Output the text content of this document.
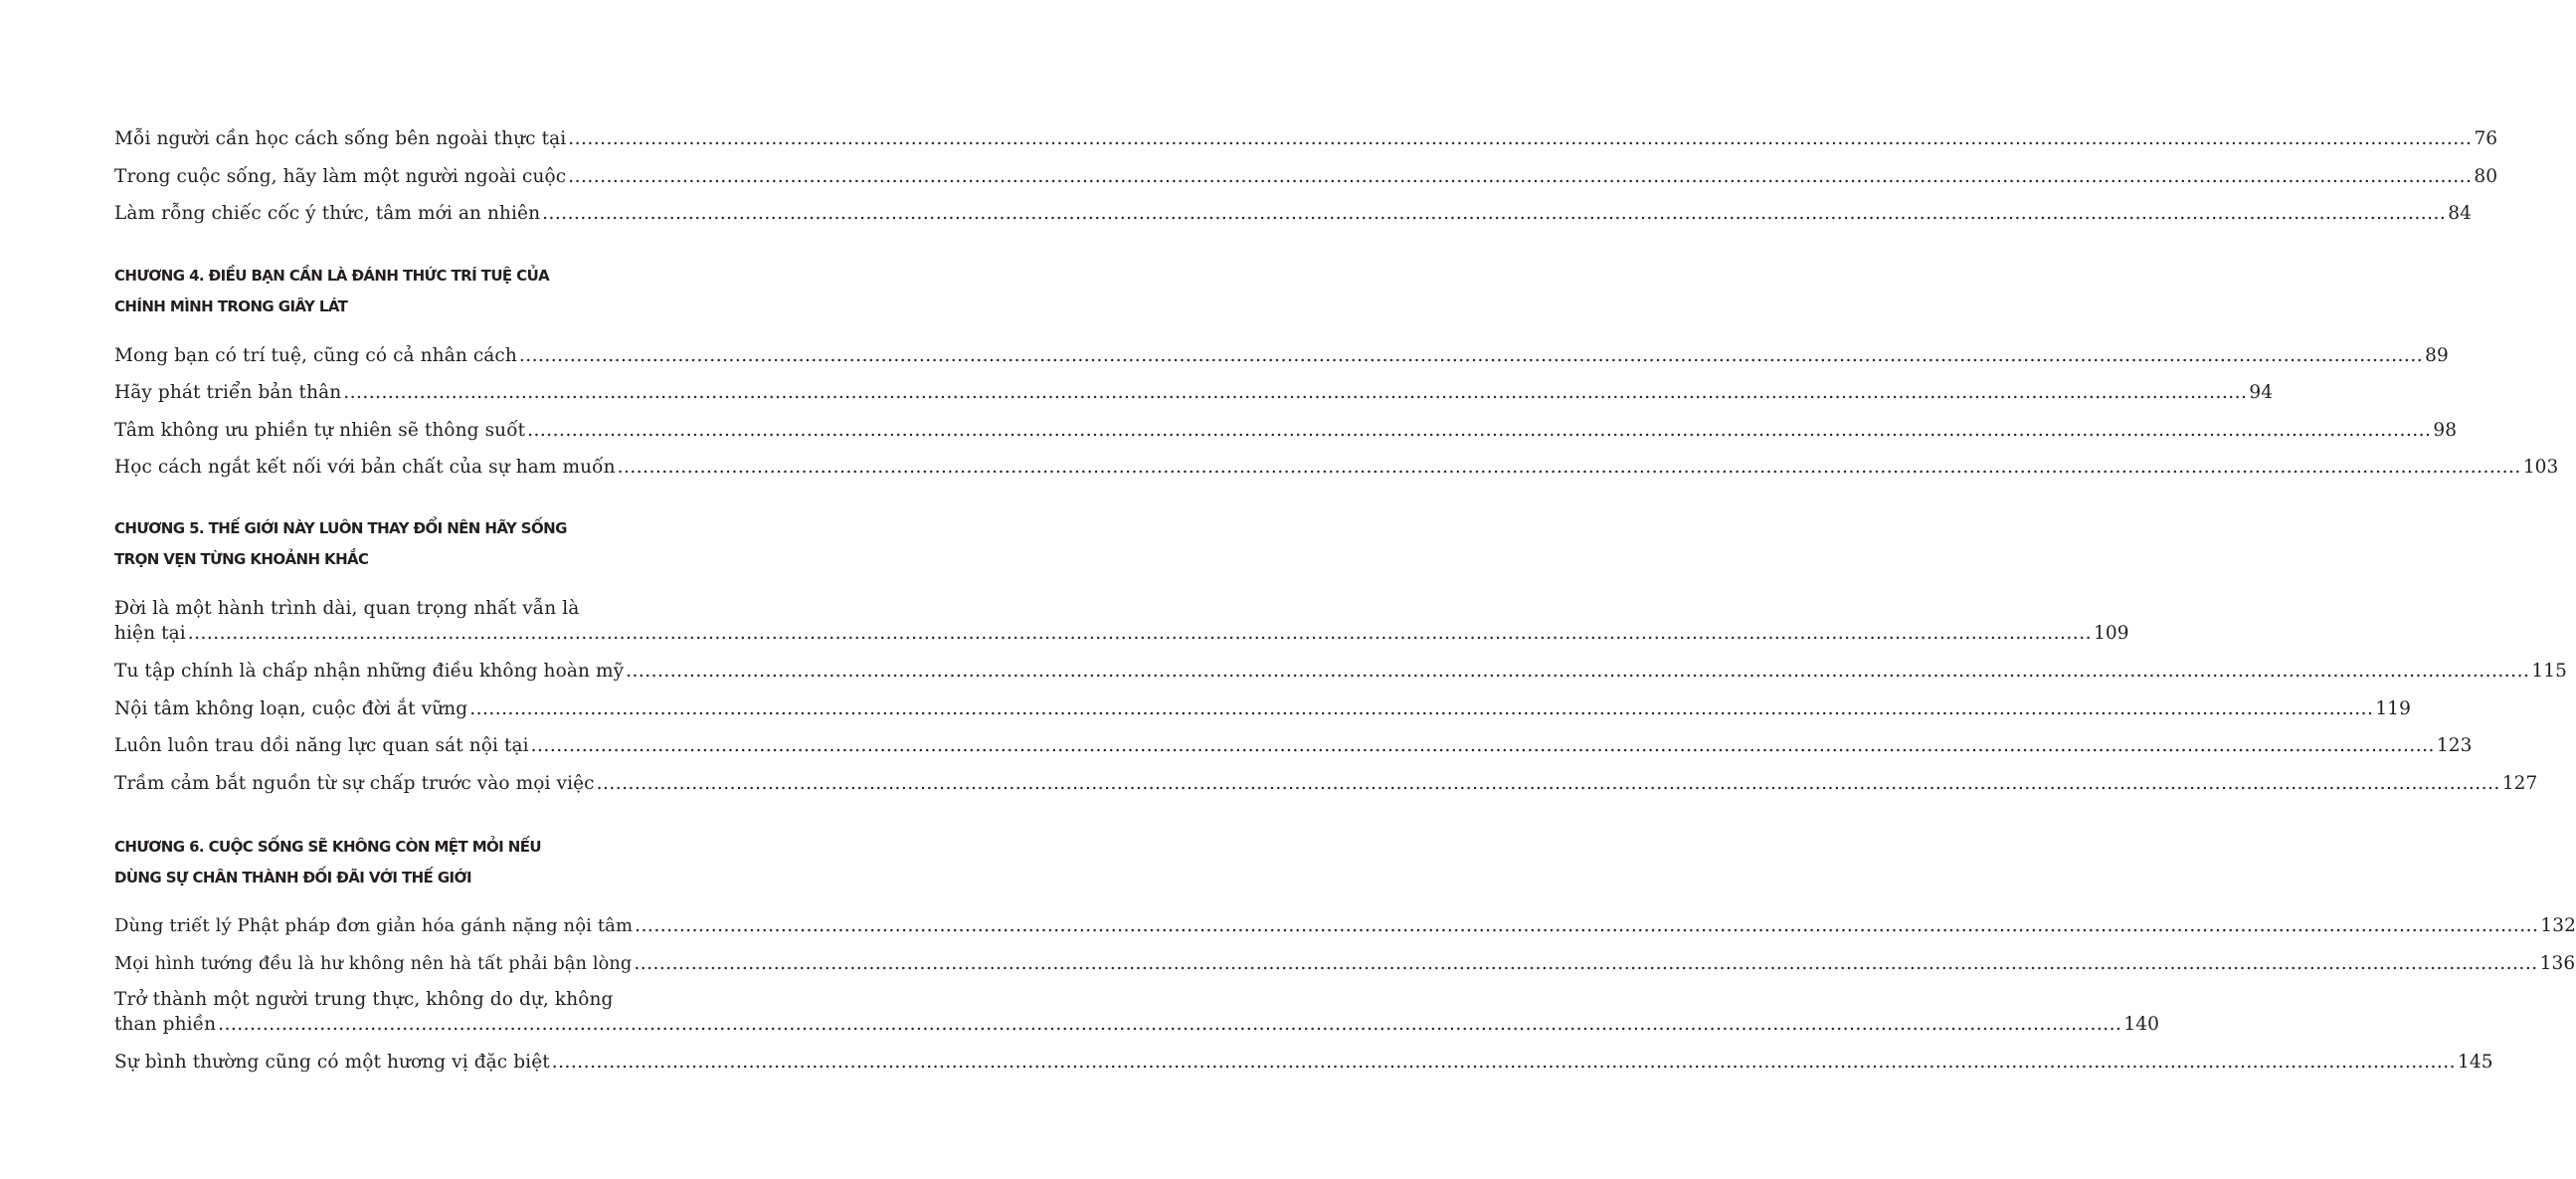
Mỗi người cần học cách sống bên ngoài thực tại ............................................................................................................................................................................................................................................................................................................ 76
Trong cuộc sống, hãy làm một người ngoài cuộc ............................................................................................................................................................................................................................................................................................................ 80
Làm rỗng chiếc cốc ý thức, tâm mới an nhiên ............................................................................................................................................................................................................................................................................................................ 84
CHƯƠNG 4. ĐIỀU BẠN CẦN LÀ ĐÁNH THỨC TRÍ TUỆ CỦA
CHÍNH MÌNH TRONG GIÂY LÁT
Mong bạn có trí tuệ, cũng có cả nhân cách ............................................................................................................................................................................................................................................................................................................ 89
Hãy phát triển bản thân ............................................................................................................................................................................................................................................................................................................ 94
Tâm không ưu phiền tự nhiên sẽ thông suốt ............................................................................................................................................................................................................................................................................................................ 98
Học cách ngắt kết nối với bản chất của sự ham muốn ............................................................................................................................................................................................................................................................................................................ 103
CHƯƠNG 5. THẾ GIỚI NÀY LUÔN THAY ĐỔI NÊN HÃY SỐNG
TRỌN VẸN TỪNG KHOẢNH KHẮC
Đời là một hành trình dài, quan trọng nhất vẫn là
hiện tại ............................................................................................................................................................................................................................................................................................................ 109
Tu tập chính là chấp nhận những điều không hoàn mỹ ............................................................................................................................................................................................................................................................................................................ 115
Nội tâm không loạn, cuộc đời ắt vững ............................................................................................................................................................................................................................................................................................................ 119
Luôn luôn trau dồi năng lực quan sát nội tại ............................................................................................................................................................................................................................................................................................................ 123
Trầm cảm bắt nguồn từ sự chấp trước vào mọi việc ............................................................................................................................................................................................................................................................................................................ 127
CHƯƠNG 6. CUỘC SỐNG SẼ KHÔNG CÒN MỆT MỎI NẾU
DÙNG SỰ CHÂN THÀNH ĐỐI ĐÃI VỚI THẾ GIỚI
Dùng triết lý Phật pháp đơn giản hóa gánh nặng nội tâm ............................................................................................................................................................................................................................................................................................................ 132
Mọi hình tướng đều là hư không nên hà tất phải bận lòng ............................................................................................................................................................................................................................................................................................................ 136
Trở thành một người trung thực, không do dự, không
than phiền ............................................................................................................................................................................................................................................................................................................ 140
Sự bình thường cũng có một hương vị đặc biệt ............................................................................................................................................................................................................................................................................................................ 145
